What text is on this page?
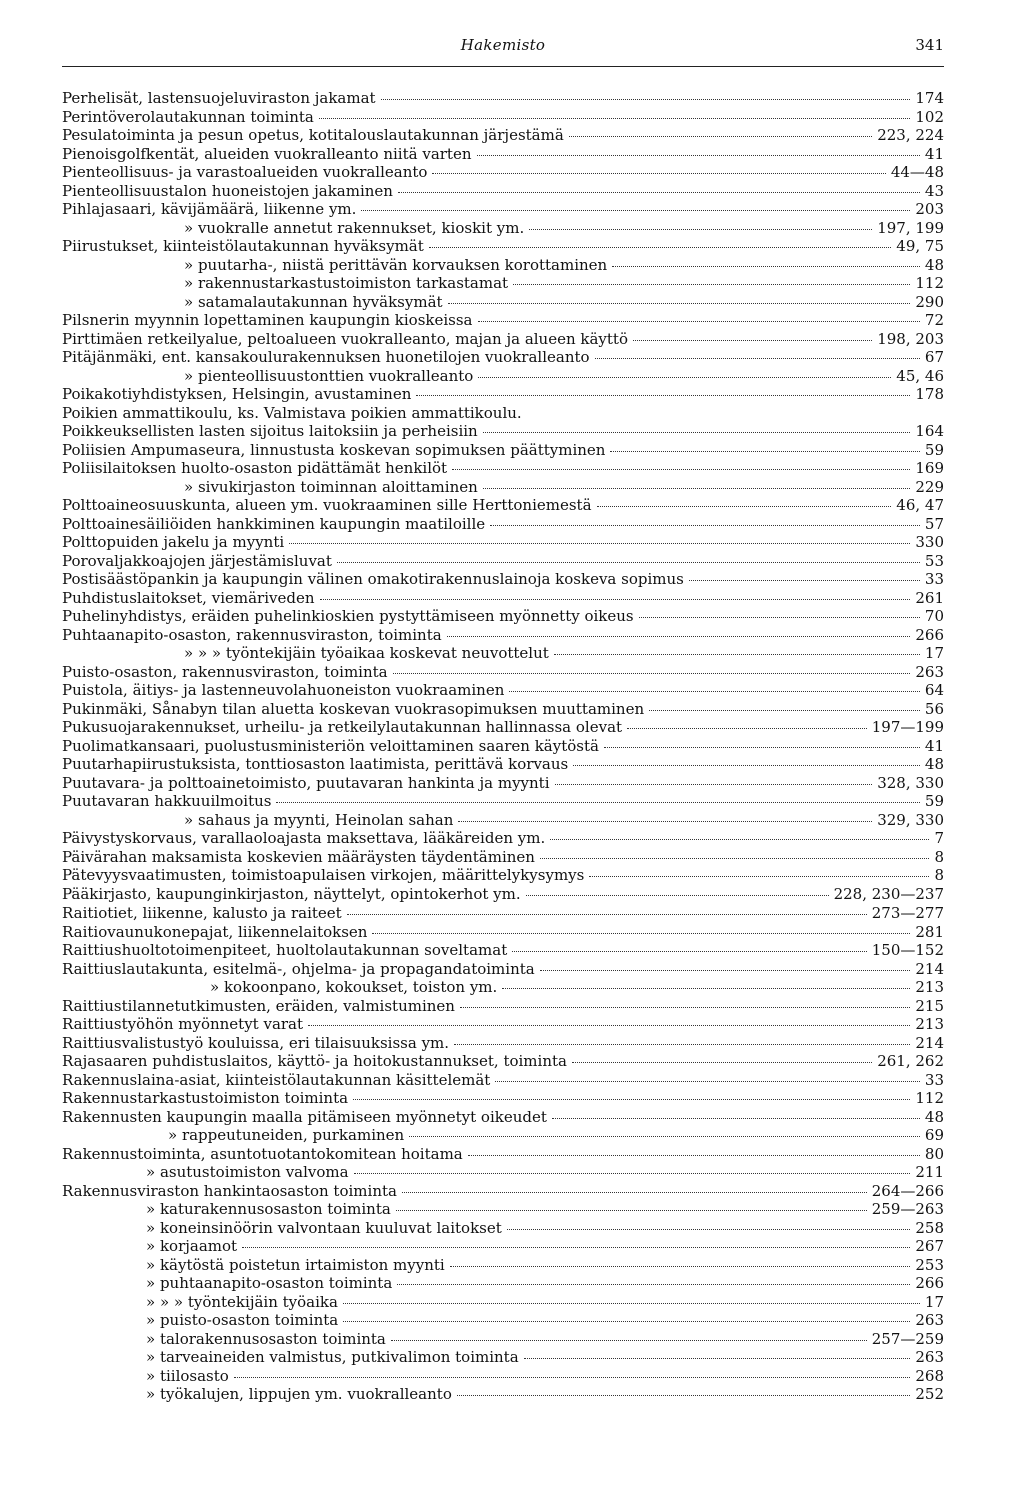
Hakemisto	341
Perhelisät, lastensuojeluviraston jakamat	174
Perintöverolautakunnan toiminta	102
Pesulatoiminta ja pesun opetus, kotitalouslautakunnan järjestämä	223, 224
Pienoisgolfkentät, alueiden vuokralleanto niitä varten	41
Pienteollisuus- ja varastoalueiden vuokralleanto	44—48
Pienteollisuustalon huoneistojen jakaminen	43
Pihlajasaari, kävijämäärä, liikenne ym.	203
» vuokralle annetut rakennukset, kioskit ym.	197, 199
Piirustukset, kiinteistölautakunnan hyväksymät	49, 75
» puutarha-, niistä perittävän korvauksen korottaminen	48
» rakennustarkastustoimiston tarkastamat	112
» satamalautakunnan hyväksymät	290
Pilsnerin myynnin lopettaminen kaupungin kioskeissa	72
Pirttimäen retkeilyalue, peltoalueen vuokralleanto, majan ja alueen käyttö	198, 203
Pitäjänmäki, ent. kansakoulurakennuksen huonetilojen vuokralleanto	67
» pienteollisuustonttien vuokralleanto	45, 46
Poikakotiyhdistyksen, Helsingin, avustaminen	178
Poikien ammattikoulu, ks. Valmistava poikien ammattikoulu.
Poikkeuksellisten lasten sijoitus laitoksiin ja perheisiin	164
Poliisien Ampumaseura, linnustusta koskevan sopimuksen päättyminen	59
Poliisilaitoksen huolto-osaston pidättämät henkilöt	169
» sivukirjaston toiminnan aloittaminen	229
Polttoaineosuuskunta, alueen ym. vuokraaminen sille Herttoniemestä	46, 47
Polttoainesäiliöiden hankkiminen kaupungin maatiloille	57
Polttopuiden jakelu ja myynti	330
Porovaljakkoajojen järjestämisluvat	53
Postisäästöpankin ja kaupungin välinen omakotirakennuslainoja koskeva sopimus	33
Puhdistuslaitokset, viemäriveden	261
Puhelinyhdistys, eräiden puhelinkioskien pystyttämiseen myönnetty oikeus	70
Puhtaanapito-osaston, rakennusviraston, toiminta	266
» » » työntekijäin työaikaa koskevat neuvottelut	17
Puisto-osaston, rakennusviraston, toiminta	263
Puistola, äitiys- ja lastenneuvolahuoneiston vuokraaminen	64
Pukinmäki, Sånabyn tilan aluetta koskevan vuokrasopimuksen muuttaminen	56
Pukusuojarakennukset, urheilu- ja retkeilylautakunnan hallinnassa olevat	197—199
Puolimatkansaari, puolustusministeriön veloittaminen saaren käytöstä	41
Puutarhapiirustuksista, tonttiosaston laatimista, perittävä korvaus	48
Puutavara- ja polttoainetoimisto, puutavaran hankinta ja myynti	328, 330
Puutavaran hakkuuilmoitus	59
» sahaus ja myynti, Heinolan sahan	329, 330
Päivystyskorvaus, varallaoloajasta maksettava, lääkäreiden ym.	7
Päivärahan maksamista koskevien määräysten täydentäminen	8
Pätevyysvaatimusten, toimistoapulaisen virkojen, määrittelykysymys	8
Pääkirjasto, kaupunginkirjaston, näyttelyt, opintokerhot ym.	228, 230—237
Raitiotiet, liikenne, kalusto ja raiteet	273—277
Raitiovaunukonepajat, liikennelaitoksen	281
Raittiushuoltotoimenpiteet, huoltolautakunnan soveltamat	150—152
Raittiuslautakunta, esitelmä-, ohjelma- ja propagandatoiminta	214
» kokoonpano, kokoukset, toiston ym.	213
Raittiustilannetutkimusten, eräiden, valmistuminen	215
Raittiustyöhön myönnetyt varat	213
Raittiusvalistustyö kouluissa, eri tilaisuuksissa ym.	214
Rajasaaren puhdistuslaitos, käyttö- ja hoitokustannukset, toiminta	261, 262
Rakennuslaina-asiat, kiinteistölautakunnan käsittelemät	33
Rakennustarkastustoimiston toiminta	112
Rakennusten kaupungin maalla pitämiseen myönnetyt oikeudet	48
» rappeutuneiden, purkaminen	69
Rakennustoiminta, asuntotuotantokomitean hoitama	80
» asutustoimiston valvoma	211
Rakennusviraston hankintaosaston toiminta	264—266
» katurakennusosaston toiminta	259—263
» koneinsinöörin valvontaan kuuluvat laitokset	258
» korjaamot	267
» käytöstä poistetun irtaimiston myynti	253
» puhtaanapito-osaston toiminta	266
» » » työntekijäin työaika	17
» puisto-osaston toiminta	263
» talorakennusosaston toiminta	257—259
» tarveaineiden valmistus, putkivalimon toiminta	263
» tiilosasto	268
» työkalujen, lippujen ym. vuokralleanto	252
